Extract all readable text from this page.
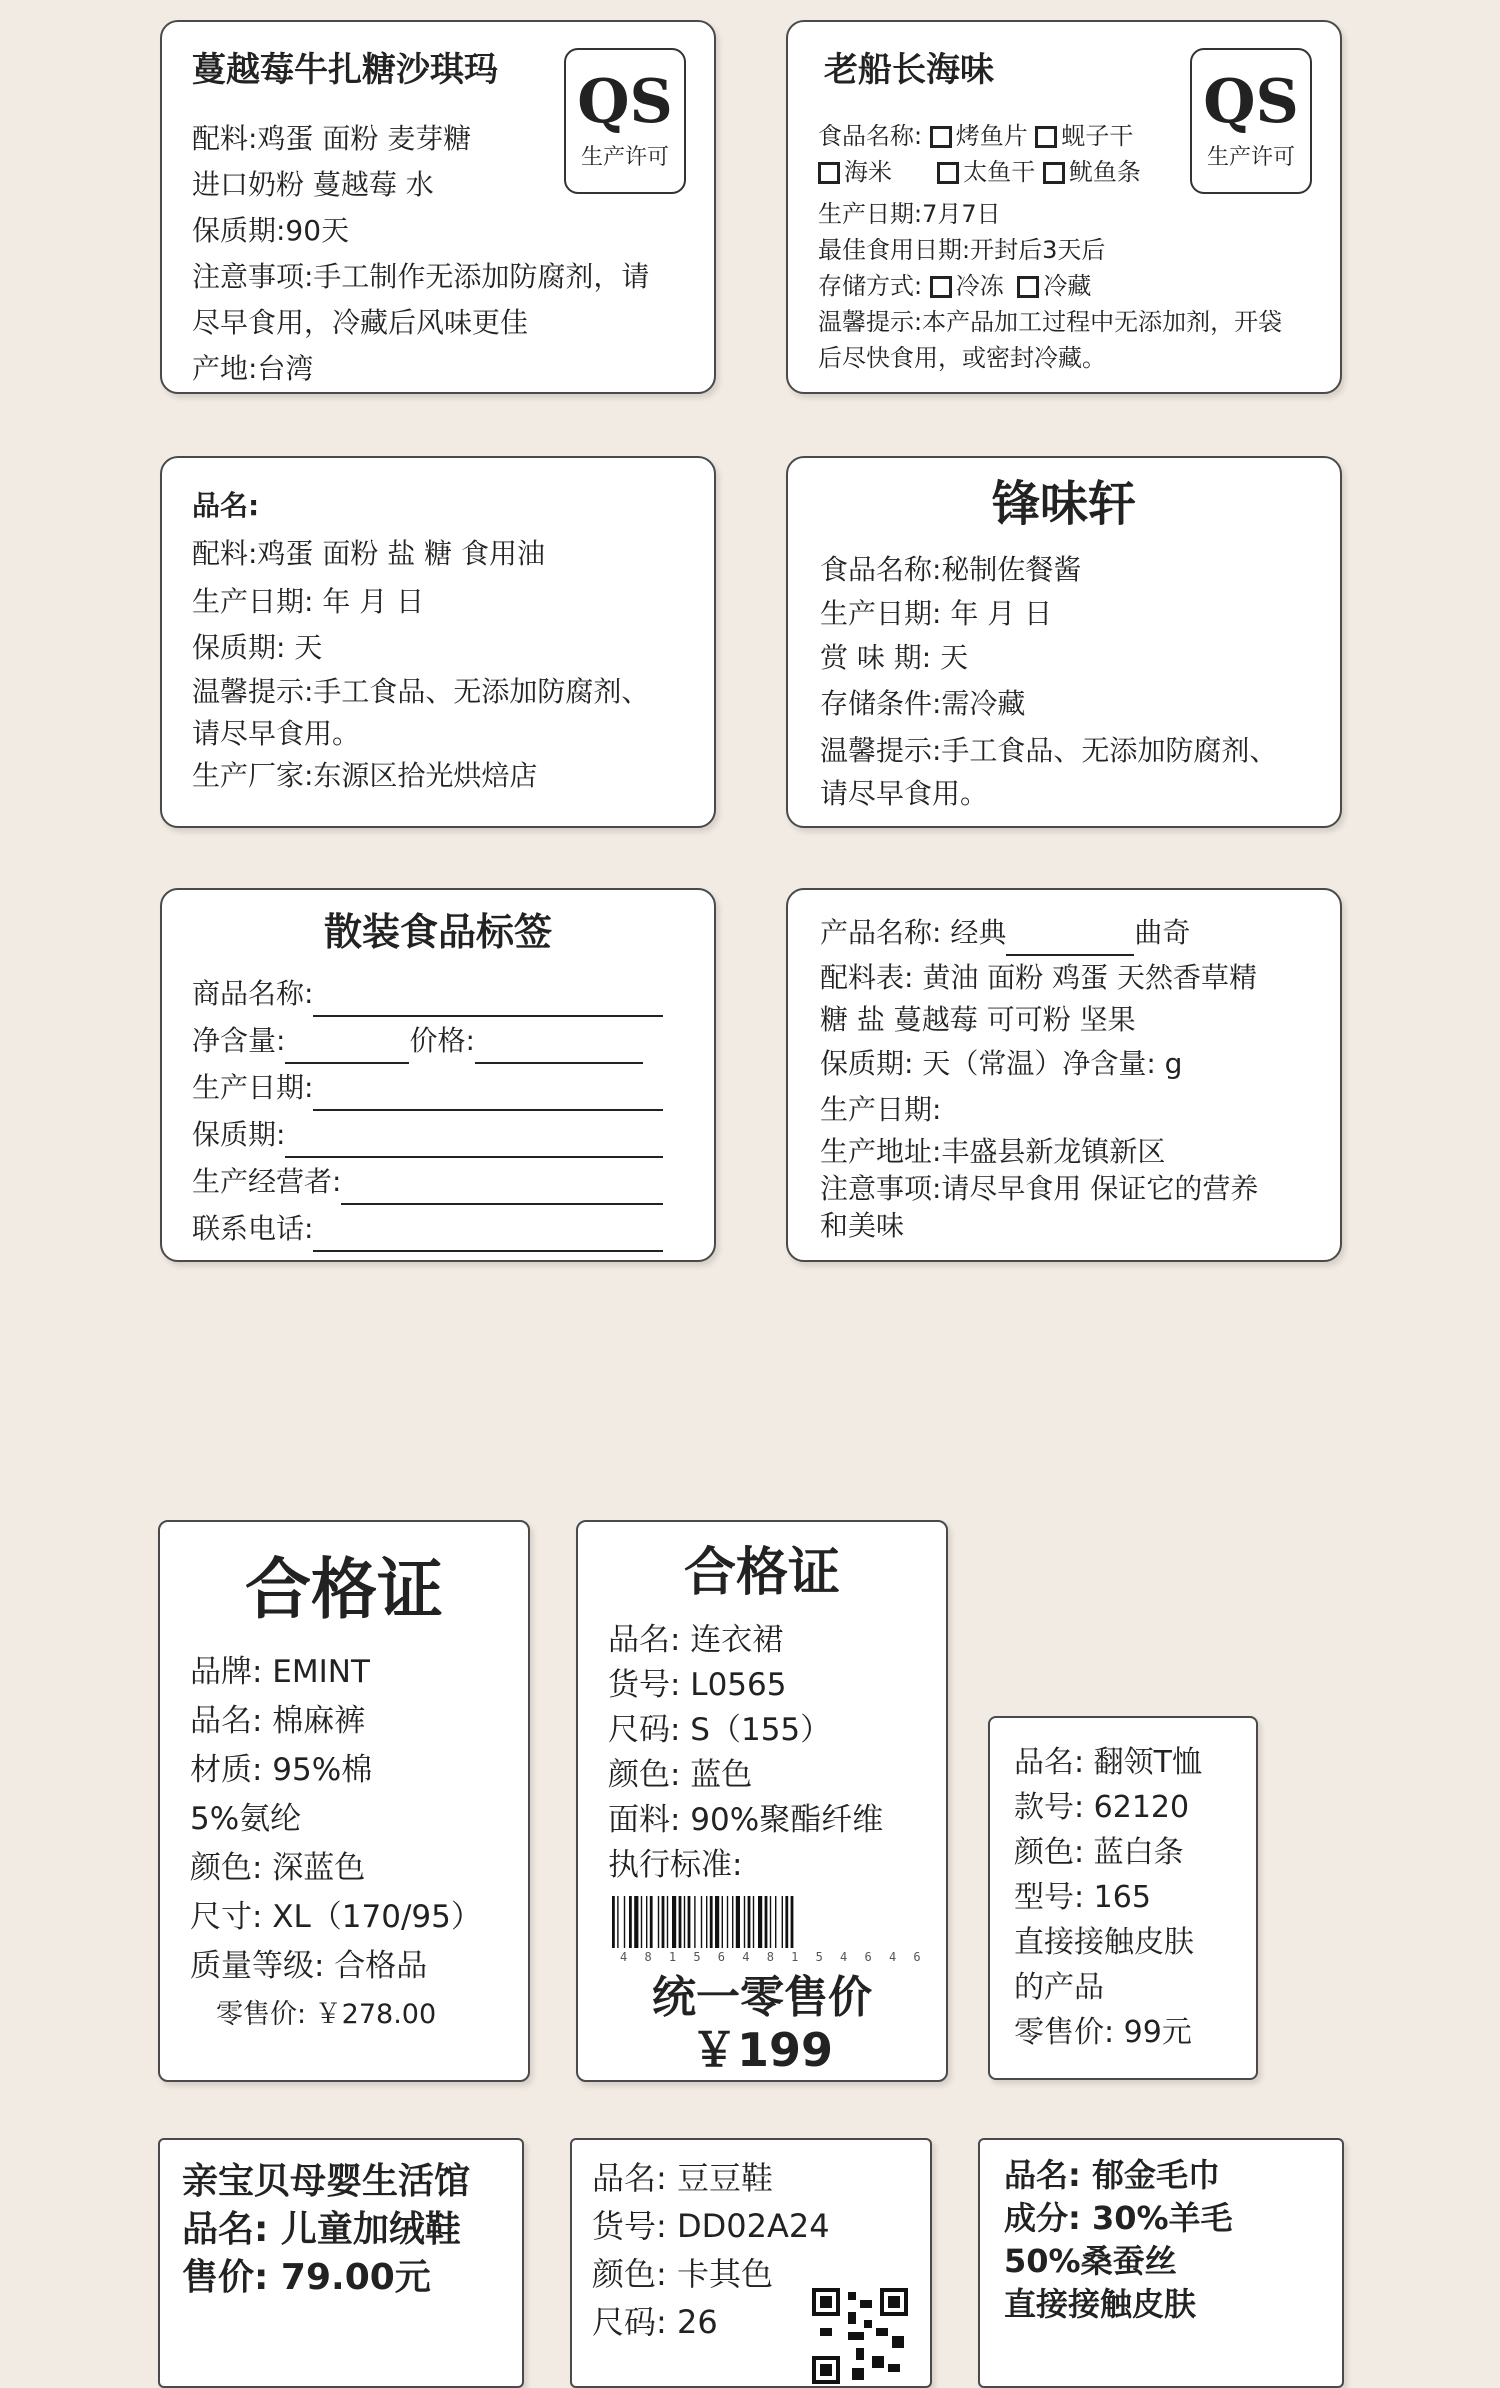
蔓越莓牛扎糖沙琪玛 QS
生产许可

配料:鸡蛋 面粉 麦芽糖

进口奶粉 蔓越莓 水

保质期:90天

注意事项:手工制作无添加防腐剂，请

尽早食用，冷藏后风味更佳

产地:台湾

老船长海味	QS
生产许可
食品名称: 烤鱼片 蚬子干
海米	太鱼干 鱿鱼条
生产日期:7月7日
最佳食用日期:开封后3天后
存储方式: 冷冻 冷藏
温馨提示:本产品加工过程中无添加剂，开袋
后尽快食用，或密封冷藏。

品名:

配料:鸡蛋 面粉 盐 糖 食用油

生产日期: 年 月 日

保质期: 天

温馨提示:手工食品、无添加防腐剂、

请尽早食用。

生产厂家:东源区拾光烘焙店

锋味轩

食品名称:秘制佐餐酱

生产日期: 年 月 日

赏 味 期: 天

存储条件:需冷藏

温馨提示:手工食品、无添加防腐剂、

请尽早食用。

散装食品标签
商品名称:
净含量:	价格:
生产日期:
保质期:
生产经营者:
联系电话:

产品名称: 经典	曲奇

配料表: 黄油 面粉 鸡蛋 天然香草精

糖 盐 蔓越莓 可可粉 坚果

保质期: 天（常温）净含量: g

生产日期:

生产地址:丰盛县新龙镇新区

注意事项:请尽早食用 保证它的营养

和美味

合格证

品牌: EMINT

品名: 棉麻裤

材质: 95%棉

5%氨纶

颜色: 深蓝色

尺寸: XL（170/95）

质量等级: 合格品

零售价: ￥278.00

合格证

品名: 连衣裙

货号: L0565

尺码: S（155）

颜色: 蓝色

面料: 90%聚酯纤维

执行标准:

4 8 1 5 6 4 8 1 5 4 6 4 6
统一零售价
￥199

品名: 翻领T恤

款号: 62120

颜色: 蓝白条

型号: 165

直接接触皮肤

的产品

零售价: 99元

亲宝贝母婴生活馆

品名: 儿童加绒鞋

售价: 79.00元

品名: 豆豆鞋

货号: DD02A24

颜色: 卡其色

尺码: 26

品名: 郁金毛巾

成分: 30%羊毛

50%桑蚕丝

直接接触皮肤
